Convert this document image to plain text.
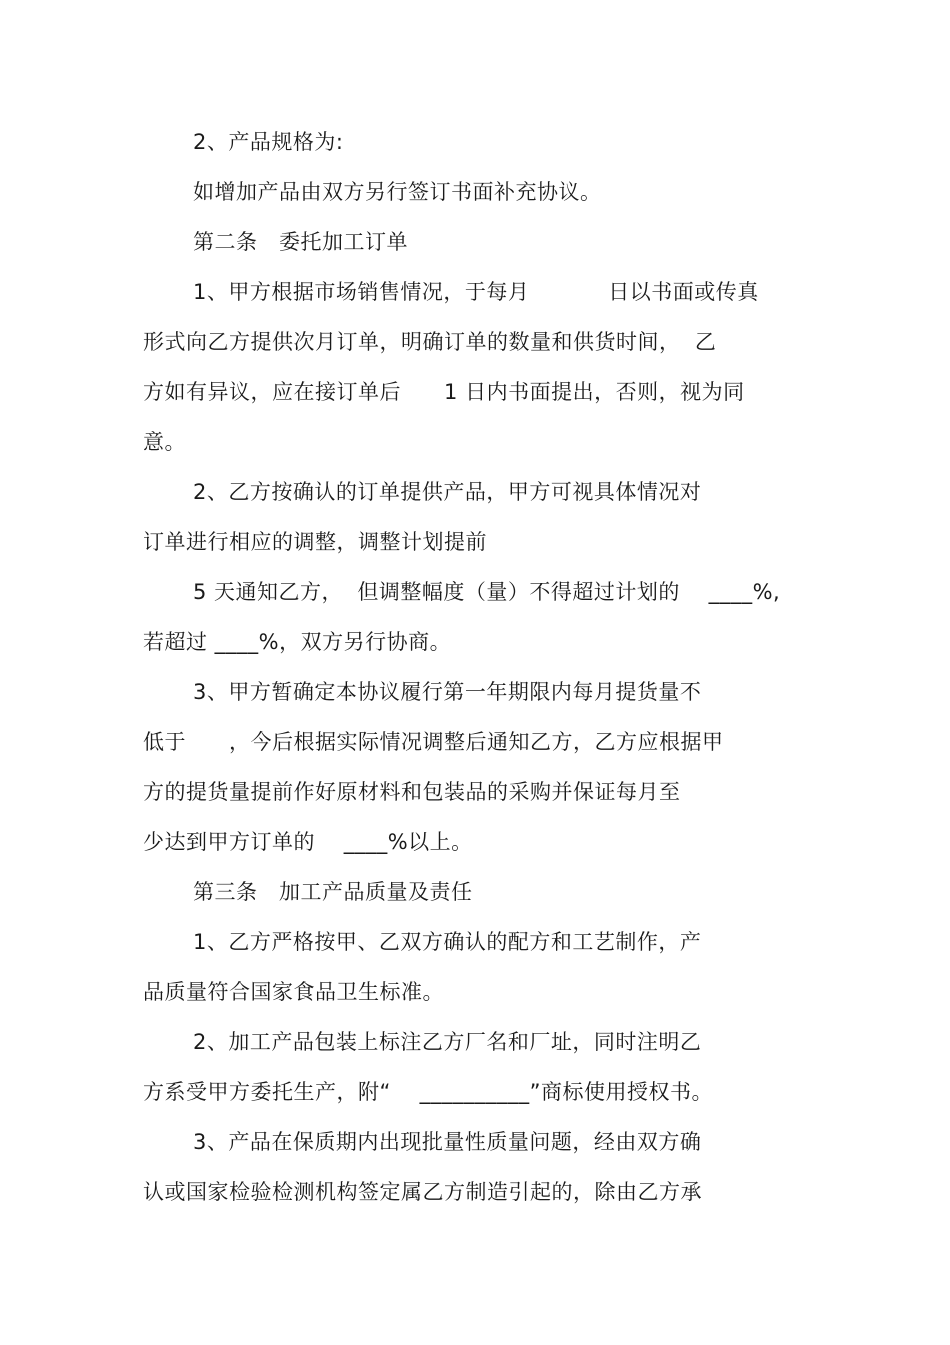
2、产品规格为:
如增加产品由双方另行签订书面补充协议。
第二条   委托加工订单
1、甲方根据市场销售情况，于每月           日以书面或传真
形式向乙方提供次月订单，明确订单的数量和供货时间，  乙
方如有异议，应在接订单后      1 日内书面提出，否则，视为同
意。
2、乙方按确认的订单提供产品，甲方可视具体情况对
订单进行相应的调整，调整计划提前
5 天通知乙方，  但调整幅度（量）不得超过计划的    ____%,
若超过 ____%，双方另行协商。
3、甲方暂确定本协议履行第一年期限内每月提货量不
低于      ，今后根据实际情况调整后通知乙方，乙方应根据甲
方的提货量提前作好原材料和包装品的采购并保证每月至
少达到甲方订单的    ____%以上。
第三条   加工产品质量及责任
1、乙方严格按甲、乙双方确认的配方和工艺制作，产
品质量符合国家食品卫生标准。
2、加工产品包装上标注乙方厂名和厂址，同时注明乙
方系受甲方委托生产，附“    __________”商标使用授权书。
3、产品在保质期内出现批量性质量问题，经由双方确
认或国家检验检测机构签定属乙方制造引起的，除由乙方承
